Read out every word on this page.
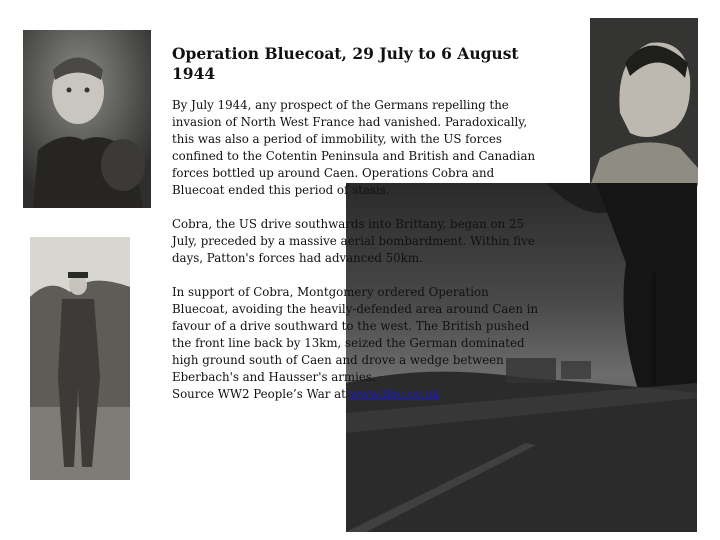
Operation Bluecoat, 29 July to 6 August 1944

By July 1944, any prospect of the Germans repelling the invasion of North West France had vanished. Paradoxically, this was also a period of immobility, with the US forces confined to the Cotentin Peninsula and British and Canadian forces bottled up around Caen. Operations Cobra and Bluecoat ended this period of stasis.

Cobra, the US drive southwards into Brittany, began on 25 July, preceded by a massive aerial bombardment. Within five days, Patton's forces had advanced 50km.

In support of Cobra, Montgomery ordered Operation Bluecoat, avoiding the heavily-defended area around Caen in favour of a drive southward to the west. The British pushed the front line back by 13km, seized the German dominated high ground south of Caen and drove a wedge between Eberbach's and Hausser's armies.

Source WW2 People’s War at www.bbc.co.uk
